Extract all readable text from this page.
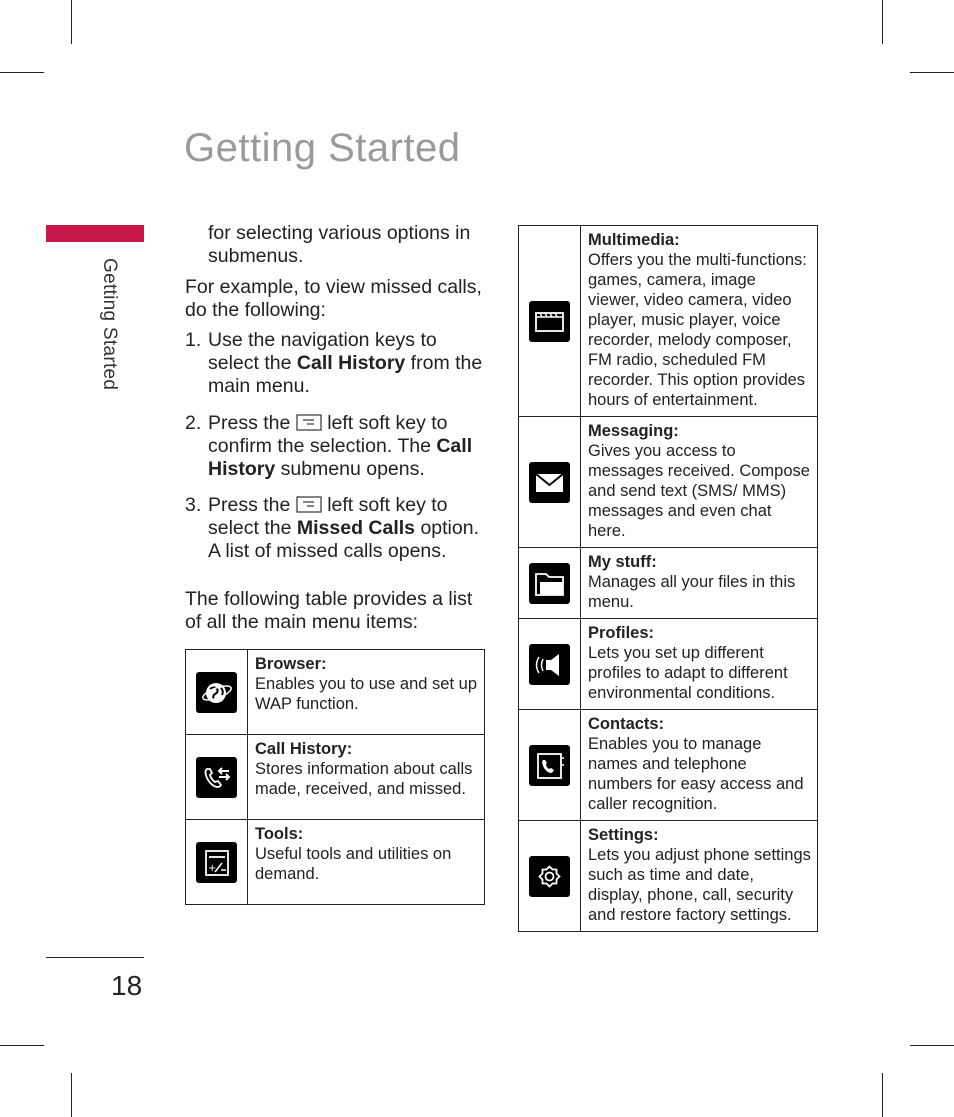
Getting Started
Getting Started
18
for selecting various options in submenus.
For example, to view missed calls, do the following:
1. Use the navigation keys to select the Call History from the main menu.
2. Press the  left soft key to confirm the selection. The Call History submenu opens.
3. Press the  left soft key to select the Missed Calls option. A list of missed calls opens.
The following table provides a list of all the main menu items:

Browser:
Enables you to use and set up WAP function.

Call History:
Stores information about calls made, received, and missed.

+	Tools:
Useful tools and utilities on demand.

Multimedia:
Offers you the multi-functions: games, camera, image viewer, video camera, video player, music player, voice recorder, melody composer, FM radio, scheduled FM recorder. This option provides hours of entertainment.

Messaging:
Gives you access to messages received. Compose and send text (SMS/ MMS) messages and even chat here.

My stuff:
Manages all your files in this menu.

Profiles:
Lets you set up different profiles to adapt to different environmental conditions.

Contacts:
Enables you to manage names and telephone numbers for easy access and caller recognition.

Settings:
Lets you adjust phone settings such as time and date, display, phone, call, security and restore factory settings.
